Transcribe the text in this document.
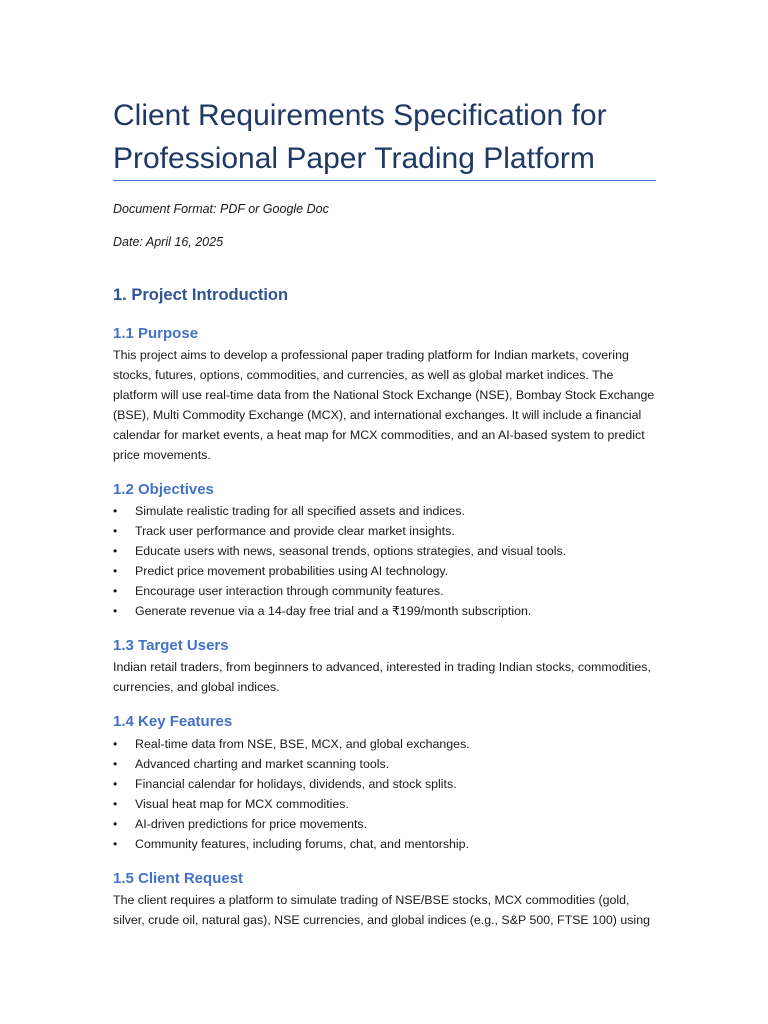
Client Requirements Specification for Professional Paper Trading Platform

Document Format: PDF or Google Doc

Date: April 16, 2025

1. Project Introduction
1.1 Purpose

This project aims to develop a professional paper trading platform for Indian markets, covering stocks, futures, options, commodities, and currencies, as well as global market indices. The platform will use real-time data from the National Stock Exchange (NSE), Bombay Stock Exchange (BSE), Multi Commodity Exchange (MCX), and international exchanges. It will include a financial calendar for market events, a heat map for MCX commodities, and an AI-based system to predict price movements.

1.2 Objectives
• Simulate realistic trading for all specified assets and indices.
• Track user performance and provide clear market insights.
• Educate users with news, seasonal trends, options strategies, and visual tools.
• Predict price movement probabilities using AI technology.
• Encourage user interaction through community features.
• Generate revenue via a 14-day free trial and a ₹199/month subscription.
1.3 Target Users

Indian retail traders, from beginners to advanced, interested in trading Indian stocks, commodities, currencies, and global indices.

1.4 Key Features
• Real-time data from NSE, BSE, MCX, and global exchanges.
• Advanced charting and market scanning tools.
• Financial calendar for holidays, dividends, and stock splits.
• Visual heat map for MCX commodities.
• AI-driven predictions for price movements.
• Community features, including forums, chat, and mentorship.
1.5 Client Request

The client requires a platform to simulate trading of NSE/BSE stocks, MCX commodities (gold, silver, crude oil, natural gas), NSE currencies, and global indices (e.g., S&P 500, FTSE 100) using
